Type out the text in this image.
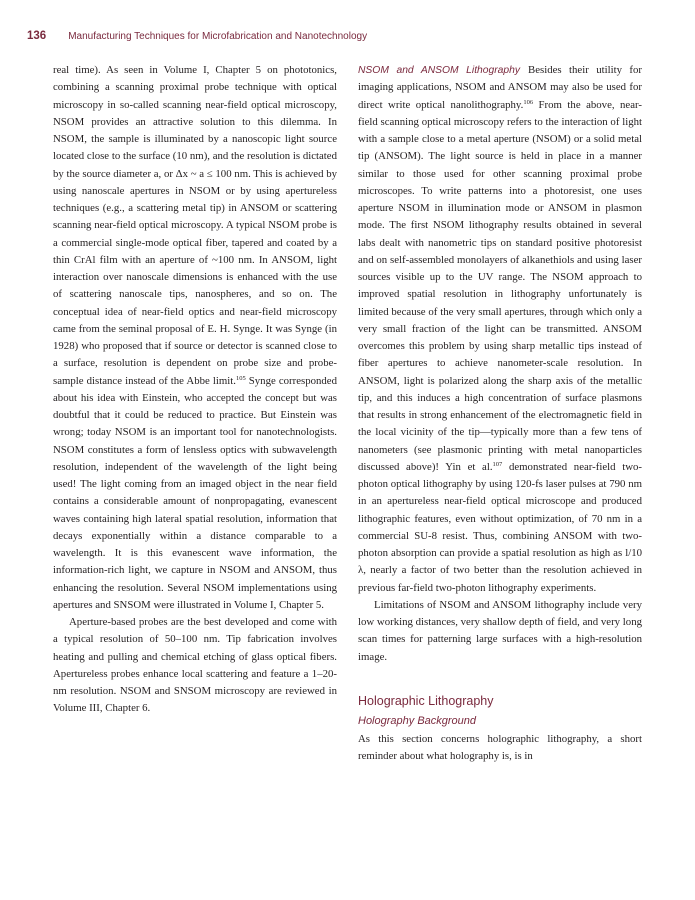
136 Manufacturing Techniques for Microfabrication and Nanotechnology

real time). As seen in Volume I, Chapter 5 on phototonics, combining a scanning proximal probe technique with optical microscopy in so-called scanning near-field optical microscopy, NSOM provides an attractive solution to this dilemma. In NSOM, the sample is illuminated by a nanoscopic light source located close to the surface (10 nm), and the resolution is dictated by the source diameter a, or Δx ~ a ≤ 100 nm. This is achieved by using nanoscale apertures in NSOM or by using apertureless techniques (e.g., a scattering metal tip) in ANSOM or scattering scanning near-field optical microscopy. A typical NSOM probe is a commercial single-mode optical fiber, tapered and coated by a thin CrAl film with an aperture of ~100 nm. In ANSOM, light interaction over nanoscale dimensions is enhanced with the use of scattering nanoscale tips, nanospheres, and so on. The conceptual idea of near-field optics and near-field microscopy came from the seminal proposal of E. H. Synge. It was Synge (in 1928) who proposed that if source or detector is scanned close to a surface, resolution is dependent on probe size and probe-sample distance instead of the Abbe limit.$^{105}$ Synge corresponded about his idea with Einstein, who accepted the concept but was doubtful that it could be reduced to practice. But Einstein was wrong; today NSOM is an important tool for nanotechnologists. NSOM constitutes a form of lensless optics with subwavelength resolution, independent of the wavelength of the light being used! The light coming from an imaged object in the near field contains a considerable amount of nonpropagating, evanescent waves containing high lateral spatial resolution, information that decays exponentially within a distance comparable to a wavelength. It is this evanescent wave information, the information-rich light, we capture in NSOM and ANSOM, thus enhancing the resolution. Several NSOM implementations using apertures and SNSOM were illustrated in Volume I, Chapter 5.

Aperture-based probes are the best developed and come with a typical resolution of 50–100 nm. Tip fabrication involves heating and pulling and chemical etching of glass optical fibers. Apertureless probes enhance local scattering and feature a 1–20-nm resolution. NSOM and SNSOM microscopy are reviewed in Volume III, Chapter 6.

NSOM and ANSOM Lithography Besides their utility for imaging applications, NSOM and ANSOM may also be used for direct write optical nanolithography.$^{106}$ From the above, near-field scanning optical microscopy refers to the interaction of light with a sample close to a metal aperture (NSOM) or a solid metal tip (ANSOM). The light source is held in place in a manner similar to those used for other scanning proximal probe microscopes. To write patterns into a photoresist, one uses aperture NSOM in illumination mode or ANSOM in plasmon mode. The first NSOM lithography results obtained in several labs dealt with nanometric tips on standard positive photoresist and on self-assembled monolayers of alkanethiols and using laser sources visible up to the UV range. The NSOM approach to improved spatial resolution in lithography unfortunately is limited because of the very small apertures, through which only a very small fraction of the light can be transmitted. ANSOM overcomes this problem by using sharp metallic tips instead of fiber apertures to achieve nanometer-scale resolution. In ANSOM, light is polarized along the sharp axis of the metallic tip, and this induces a high concentration of surface plasmons that results in strong enhancement of the electromagnetic field in the local vicinity of the tip—typically more than a few tens of nanometers (see plasmonic printing with metal nanoparticles discussed above)! Yin et al.$^{107}$ demonstrated near-field two-photon optical lithography by using 120-fs laser pulses at 790 nm in an apertureless near-field optical microscope and produced lithographic features, even without optimization, of 70 nm in a commercial SU-8 resist. Thus, combining ANSOM with two-photon absorption can provide a spatial resolution as high as l/10 λ, nearly a factor of two better than the resolution achieved in previous far-field two-photon lithography experiments.

Limitations of NSOM and ANSOM lithography include very low working distances, very shallow depth of field, and very long scan times for patterning large surfaces with a high-resolution image.

Holographic Lithography
Holography Background

As this section concerns holographic lithography, a short reminder about what holography is, is in
